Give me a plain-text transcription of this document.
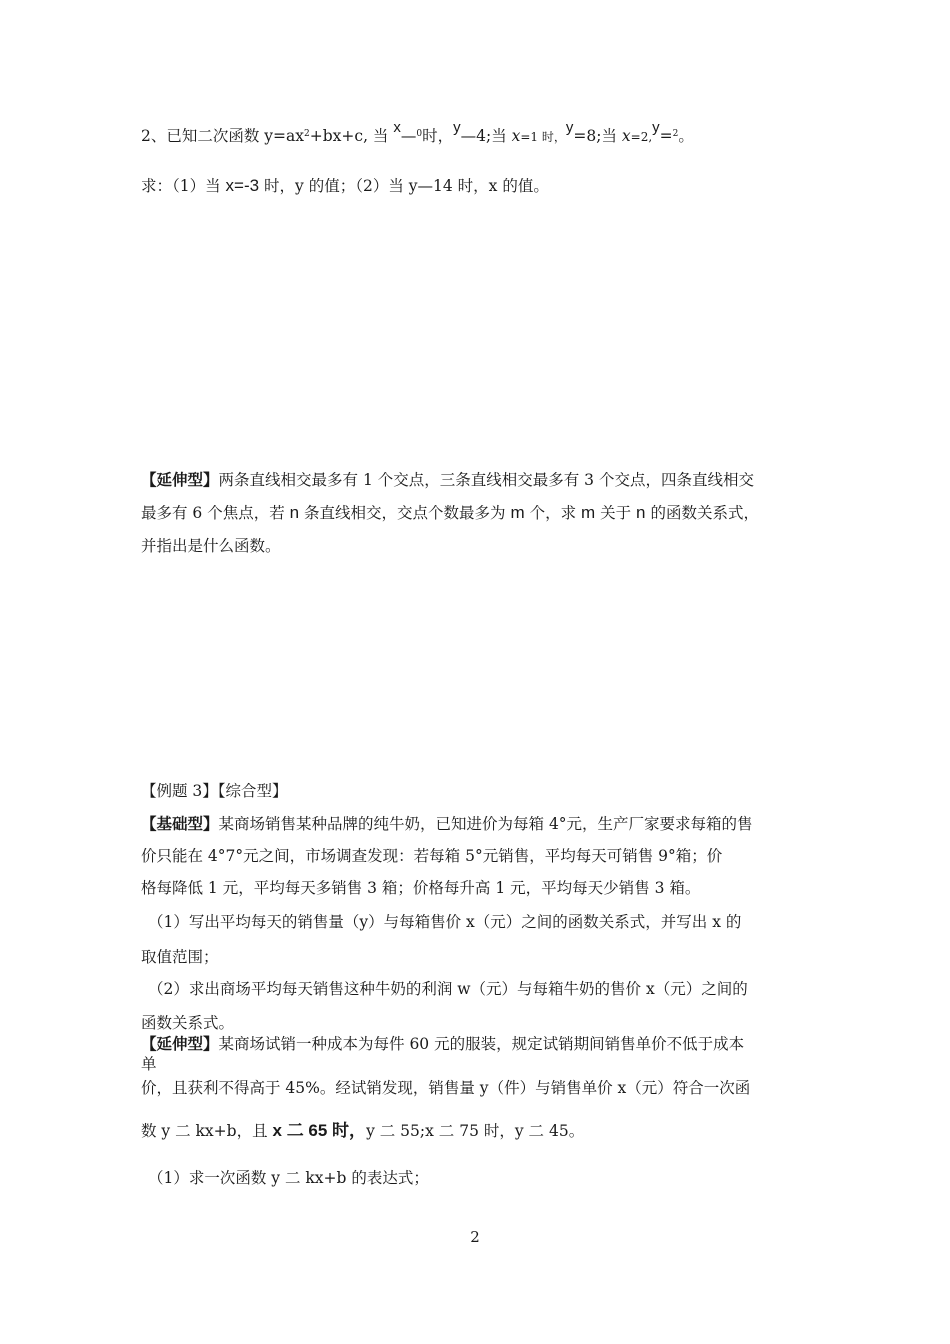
2、已知二次函数 $y=ax^2+bx+c$, 当 x—$^0$时，y—4;当 x=1 时，y=8;当 x=2,y=$^2$。
求：（1）当 x=-3 时，y 的值；（2）当 y—14 时，x 的值。
【延伸型】两条直线相交最多有 1 个交点，三条直线相交最多有 3 个交点，四条直线相交
最多有 6 个焦点，若 n 条直线相交，交点个数最多为 m 个，求 m 关于 n 的函数关系式，
并指出是什么函数。
【例题 3】【综合型】
【基础型】某商场销售某种品牌的纯牛奶，已知进价为每箱 4°元，生产厂家要求每箱的售
价只能在 4°7°元之间，市场调查发现：若每箱 5°元销售，平均每天可销售 9°箱；价
格每降低 1 元，平均每天多销售 3 箱；价格每升高 1 元，平均每天少销售 3 箱。
（1）写出平均每天的销售量（y）与每箱售价 x（元）之间的函数关系式，并写出 x 的
取值范围；
（2）求出商场平均每天销售这种牛奶的利润 w（元）与每箱牛奶的售价 x（元）之间的
函数关系式。
【延伸型】某商场试销一种成本为每件 60 元的服装，规定试销期间销售单价不低于成本
单
价，且获利不得高于 45%。经试销发现，销售量 y（件）与销售单价 x（元）符合一次函
数 y 二 kx+b，且 x 二 65 时，y 二 55;x 二 75 时，y 二 45。
（1）求一次函数 y 二 kx+b 的表达式；
2
